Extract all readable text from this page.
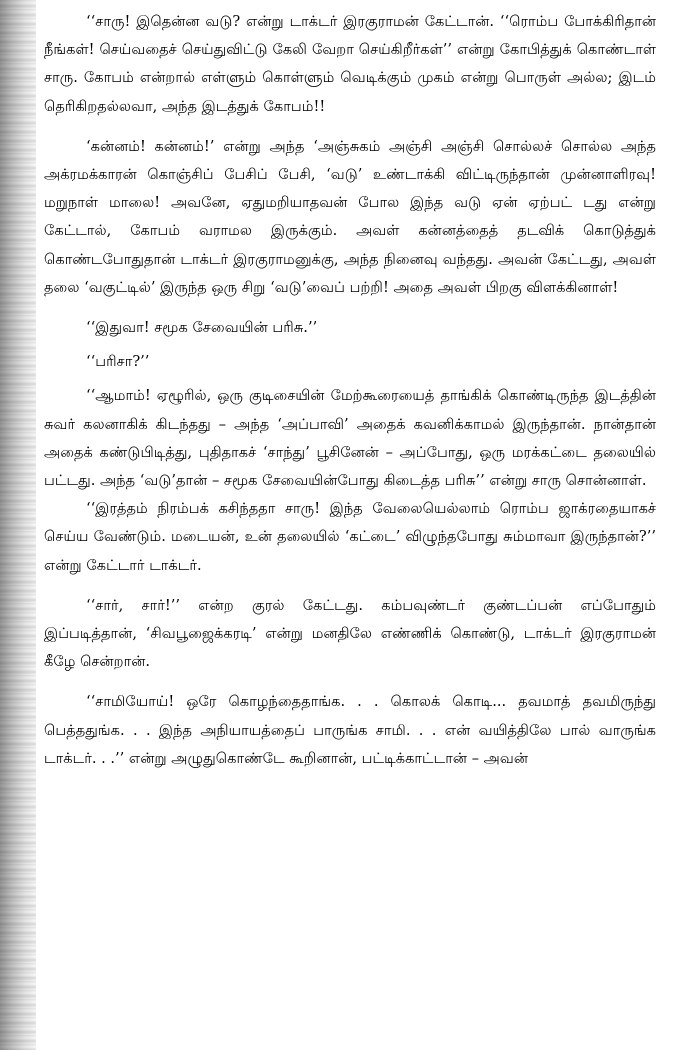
‘‘சாரு! இதென்ன வடு? என்று டாக்டர் இரகுராமன் கேட்டான். ‘‘ரொம்ப போக்கிரிதான் நீங்கள்! செய்வதைச் செய்துவிட்டு கேலி வேறா செய்கிறீர்கள்’’ என்று கோபித்துக் கொண்டாள் சாரு. கோபம் என்றால் எள்ளும் கொள்ளும் வெடிக்கும் முகம் என்று பொருள் அல்ல; இடம் தெரிகிறதல்லவா, அந்த இடத்துக் கோபம்!!

‘கன்னம்! கன்னம்!’ என்று அந்த ‘அஞ்சுகம் அஞ்சி அஞ்சி சொல்லச் சொல்ல அந்த அக்ரமக்காரன் கொஞ்சிப் பேசிப் பேசி, ‘வடு’ உண்டாக்கி விட்டிருந்தான் முன்னாளிரவு! மறுநாள் மாலை! அவனே, ஏதுமறியாதவன் போல இந்த வடு ஏன் ஏற்பட் டது என்று கேட்டால், கோபம் வராமல இருக்கும். அவள் கன்னத்தைத் தடவிக் கொடுத்துக் கொண்டபோதுதான் டாக்டர் இரகுராமனுக்கு, அந்த நினைவு வந்தது. அவன் கேட்டது, அவள் தலை ‘வகுட்டில்’ இருந்த ஒரு சிறு ‘வடு’வைப் பற்றி! அதை அவள் பிறகு விளக்கினாள்!

‘‘இதுவா! சமூக சேவையின் பரிசு.’’

‘‘பரிசா?’’

‘‘ஆமாம்! ஏழூரில், ஒரு குடிசையின் மேற்கூரையைத் தாங்கிக் கொண்டிருந்த இடத்தின் சுவர் கலனாகிக் கிடந்தது – அந்த ‘அப்பாவி’ அதைக் கவனிக்காமல் இருந்தான். நான்தான் அதைக் கண்டுபிடித்து, புதிதாகச் ‘சாந்து’ பூசினேன் – அப்போது, ஒரு மரக்கட்டை தலையில் பட்டது. அந்த ‘வடு’தான் – சமூக சேவையின்போது கிடைத்த பரிசு’’ என்று சாரு சொன்னாள்.

‘‘இரத்தம் நிரம்பக் கசிந்ததா சாரு! இந்த வேலையெல்லாம் ரொம்ப ஜாக்ரதையாகச் செய்ய வேண்டும். மடையன், உன் தலையில் ‘கட்டை’ விழுந்தபோது சும்மாவா இருந்தான்?’’ என்று கேட்டார் டாக்டர்.

‘‘சார், சார்!’’ என்ற குரல் கேட்டது. கம்பவுண்டர் குண்டப்பன் எப்போதும் இப்படித்தான், ‘சிவபூஜைக்கரடி’ என்று மனதிலே எண்ணிக் கொண்டு, டாக்டர் இரகுராமன் கீழே சென்றான்.

‘‘சாமியோய்! ஒரே கொழந்தைதாங்க. . . கொலக் கொடி... தவமாத் தவமிருந்து பெத்ததுங்க. . . இந்த அநியாயத்தைப் பாருங்க சாமி. . . என் வயித்திலே பால் வாருங்க டாக்டர். . .’’ என்று அழுதுகொண்டே கூறினான், பட்டிக்காட்டான் – அவன்
